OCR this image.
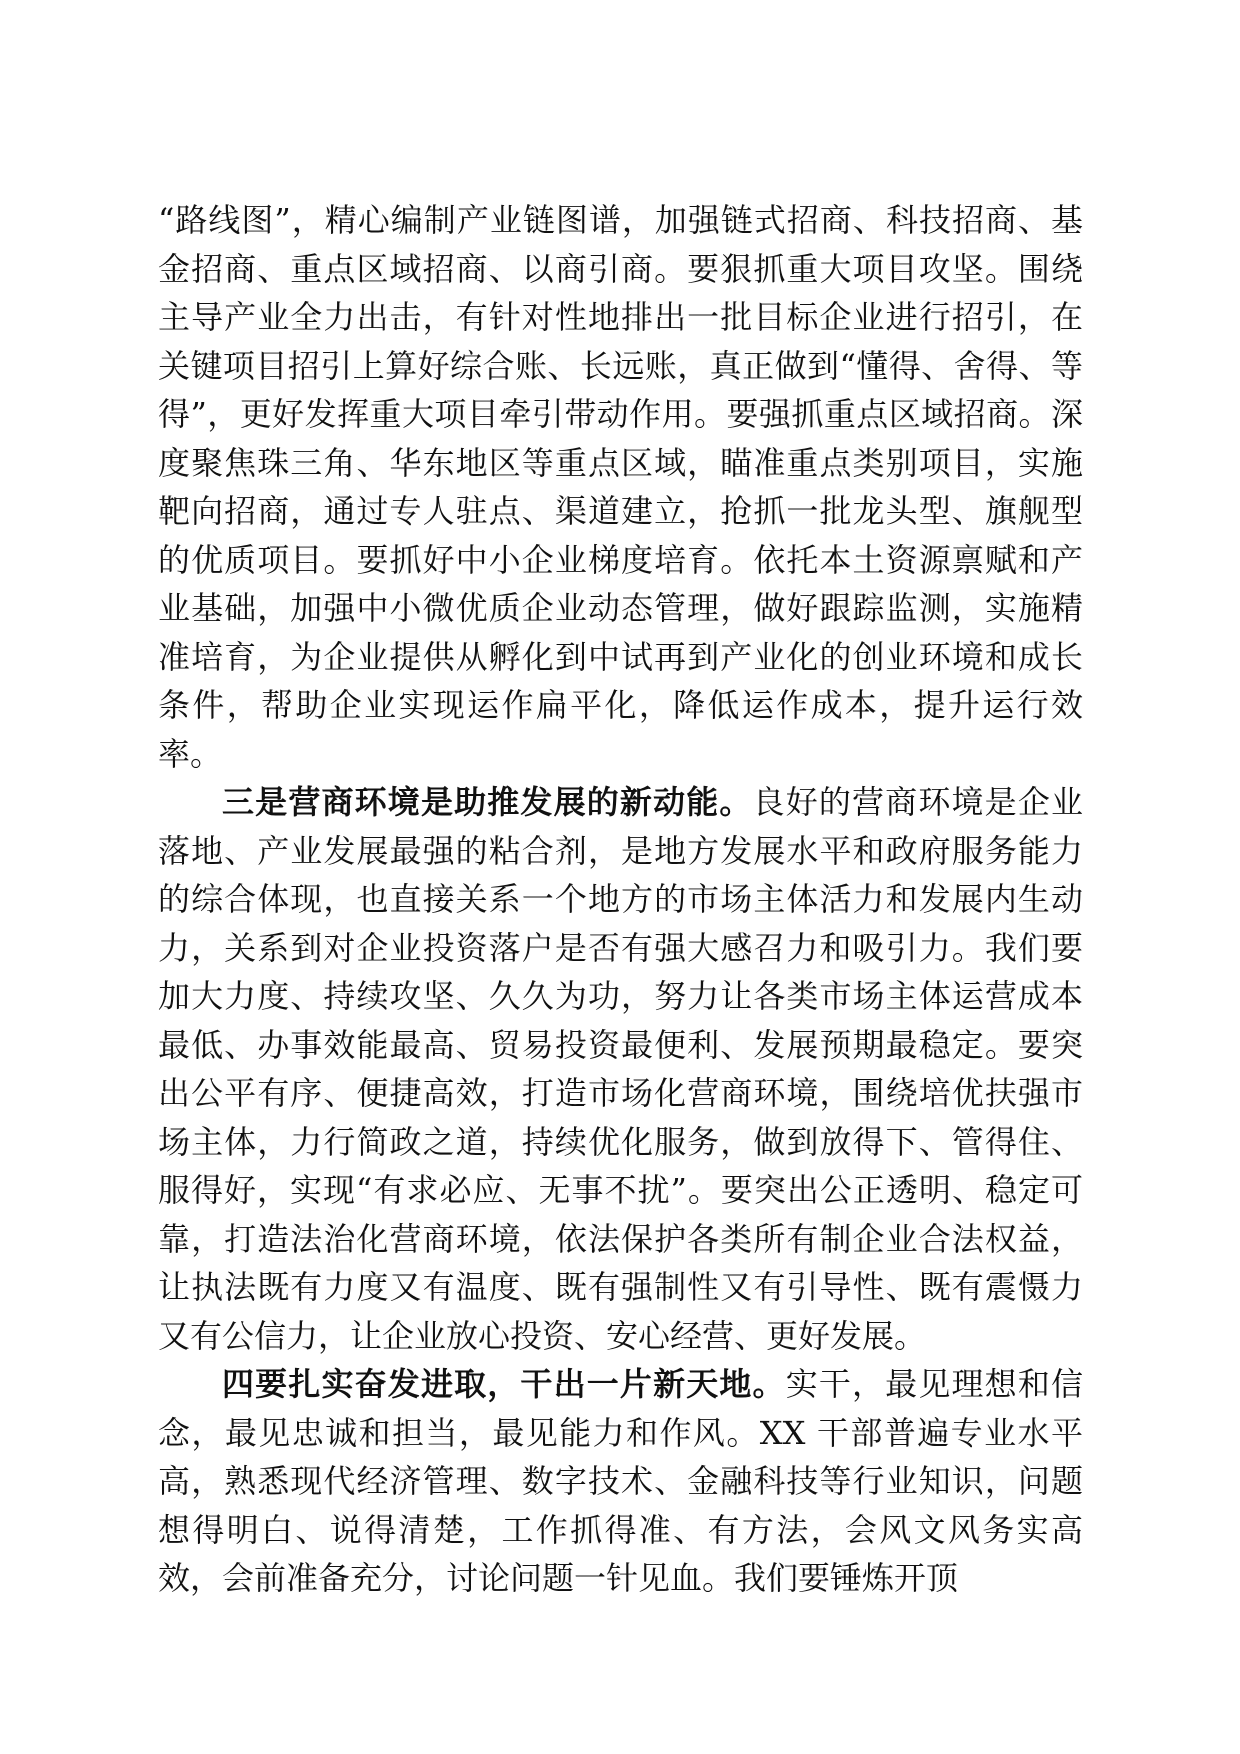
“路线图”，精心编制产业链图谱，加强链式招商、科技招商、基金招商、重点区域招商、以商引商。要狠抓重大项目攻坚。围绕主导产业全力出击，有针对性地排出一批目标企业进行招引，在关键项目招引上算好综合账、长远账，真正做到“懂得、舍得、等得”，更好发挥重大项目牵引带动作用。要强抓重点区域招商。深度聚焦珠三角、华东地区等重点区域，瞄准重点类别项目，实施靶向招商，通过专人驻点、渠道建立，抢抓一批龙头型、旗舰型的优质项目。要抓好中小企业梯度培育。依托本土资源禀赋和产业基础，加强中小微优质企业动态管理，做好跟踪监测，实施精准培育，为企业提供从孵化到中试再到产业化的创业环境和成长条件，帮助企业实现运作扁平化，降低运作成本，提升运行效率。

三是营商环境是助推发展的新动能。良好的营商环境是企业落地、产业发展最强的粘合剂，是地方发展水平和政府服务能力的综合体现，也直接关系一个地方的市场主体活力和发展内生动力，关系到对企业投资落户是否有强大感召力和吸引力。我们要加大力度、持续攻坚、久久为功，努力让各类市场主体运营成本最低、办事效能最高、贸易投资最便利、发展预期最稳定。要突出公平有序、便捷高效，打造市场化营商环境，围绕培优扶强市场主体，力行简政之道，持续优化服务，做到放得下、管得住、服得好，实现“有求必应、无事不扰”。要突出公正透明、稳定可靠，打造法治化营商环境，依法保护各类所有制企业合法权益，让执法既有力度又有温度、既有强制性又有引导性、既有震慑力又有公信力，让企业放心投资、安心经营、更好发展。

四要扎实奋发进取，干出一片新天地。实干，最见理想和信念，最见忠诚和担当，最见能力和作风。XX 干部普遍专业水平高，熟悉现代经济管理、数字技术、金融科技等行业知识，问题想得明白、说得清楚，工作抓得准、有方法，会风文风务实高效，会前准备充分，讨论问题一针见血。我们要锤炼开顶
